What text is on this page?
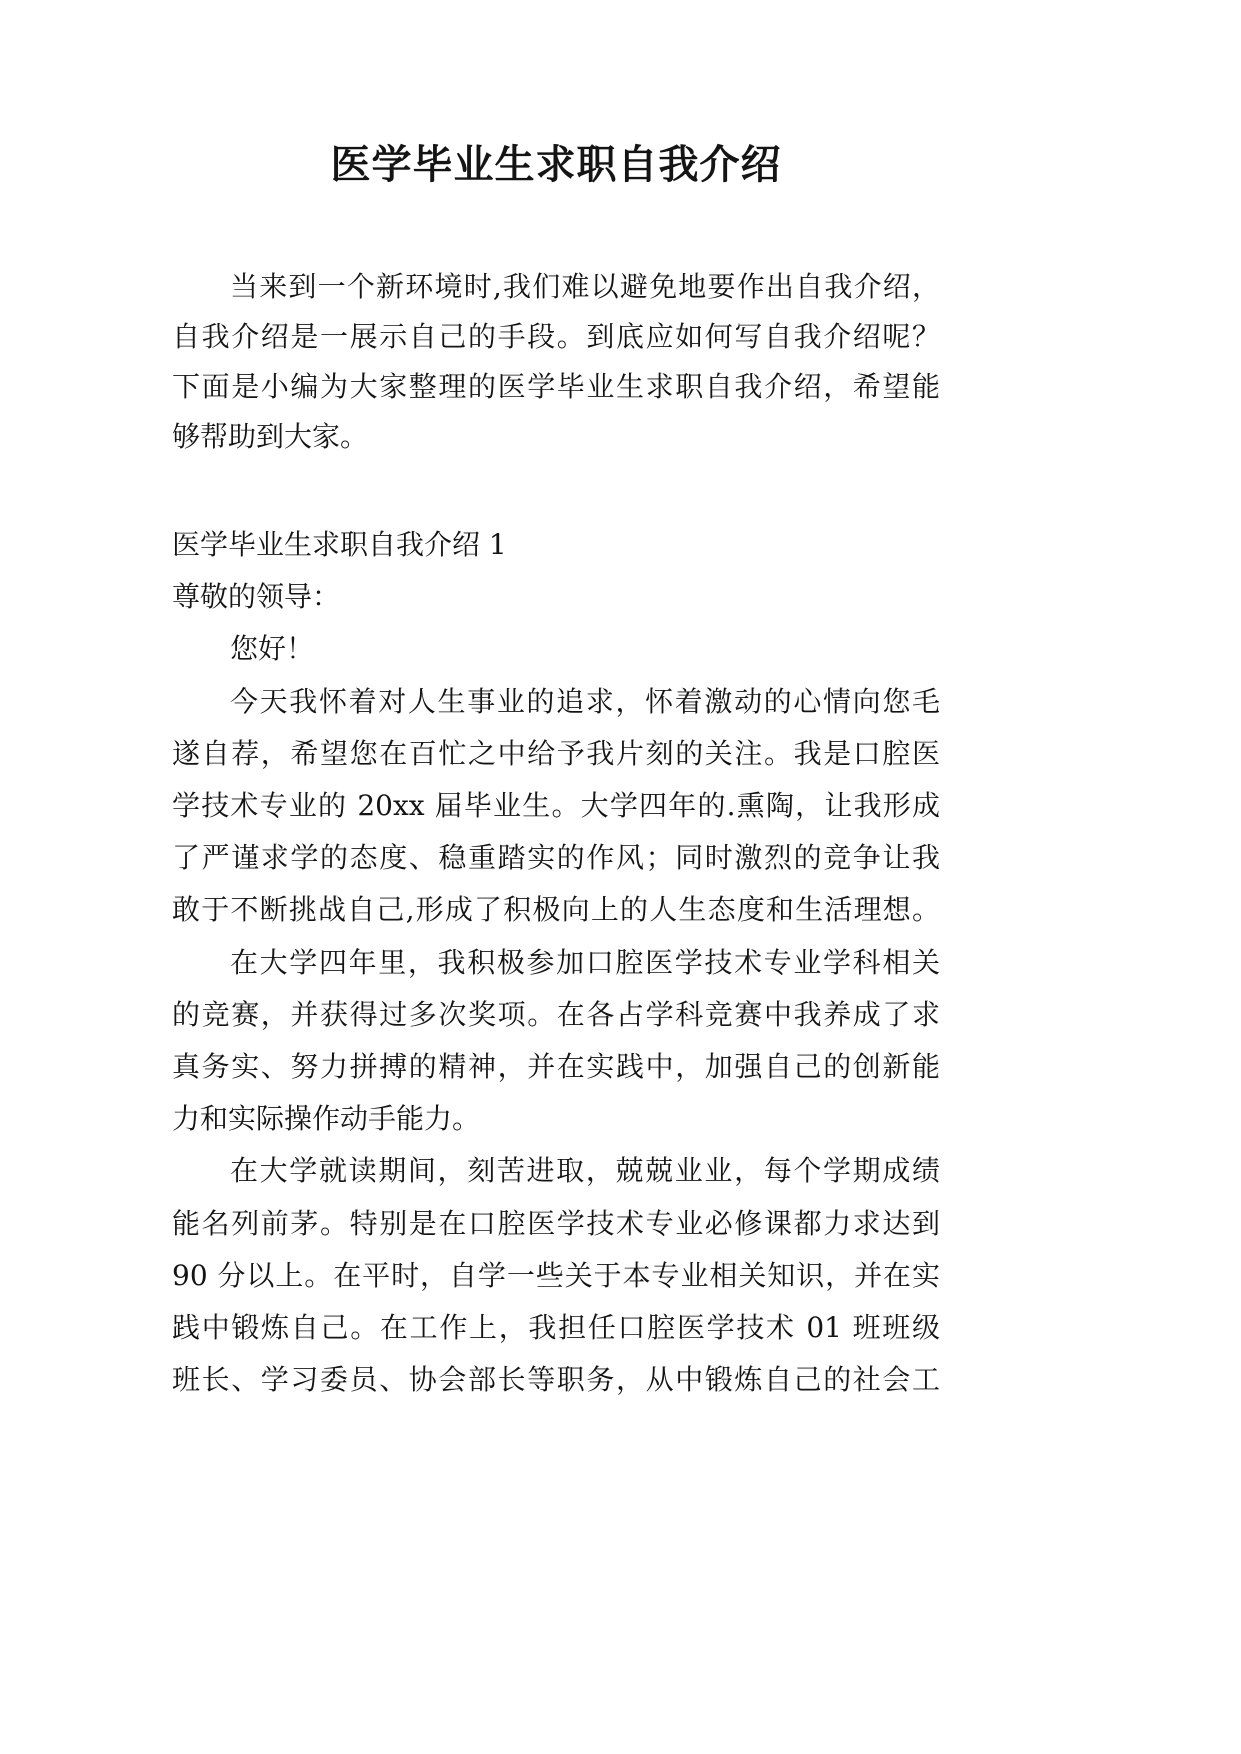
医学毕业生求职自我介绍
当来到一个新环境时,我们难以避免地要作出自我介绍，
自我介绍是一展示自己的手段。到底应如何写自我介绍呢？
下面是小编为大家整理的医学毕业生求职自我介绍，希望能
够帮助到大家。
医学毕业生求职自我介绍 1
尊敬的领导：
您好！
今天我怀着对人生事业的追求，怀着激动的心情向您毛
遂自荐，希望您在百忙之中给予我片刻的关注。我是口腔医
学技术专业的 20xx 届毕业生。大学四年的.熏陶，让我形成
了严谨求学的态度、稳重踏实的作风；同时激烈的竞争让我
敢于不断挑战自己,形成了积极向上的人生态度和生活理想。
在大学四年里，我积极参加口腔医学技术专业学科相关
的竞赛，并获得过多次奖项。在各占学科竞赛中我养成了求
真务实、努力拼搏的精神，并在实践中，加强自己的创新能
力和实际操作动手能力。
在大学就读期间，刻苦进取，兢兢业业，每个学期成绩
能名列前茅。特别是在口腔医学技术专业必修课都力求达到
90 分以上。在平时，自学一些关于本专业相关知识，并在实
践中锻炼自己。在工作上，我担任口腔医学技术 01 班班级
班长、学习委员、协会部长等职务，从中锻炼自己的社会工
